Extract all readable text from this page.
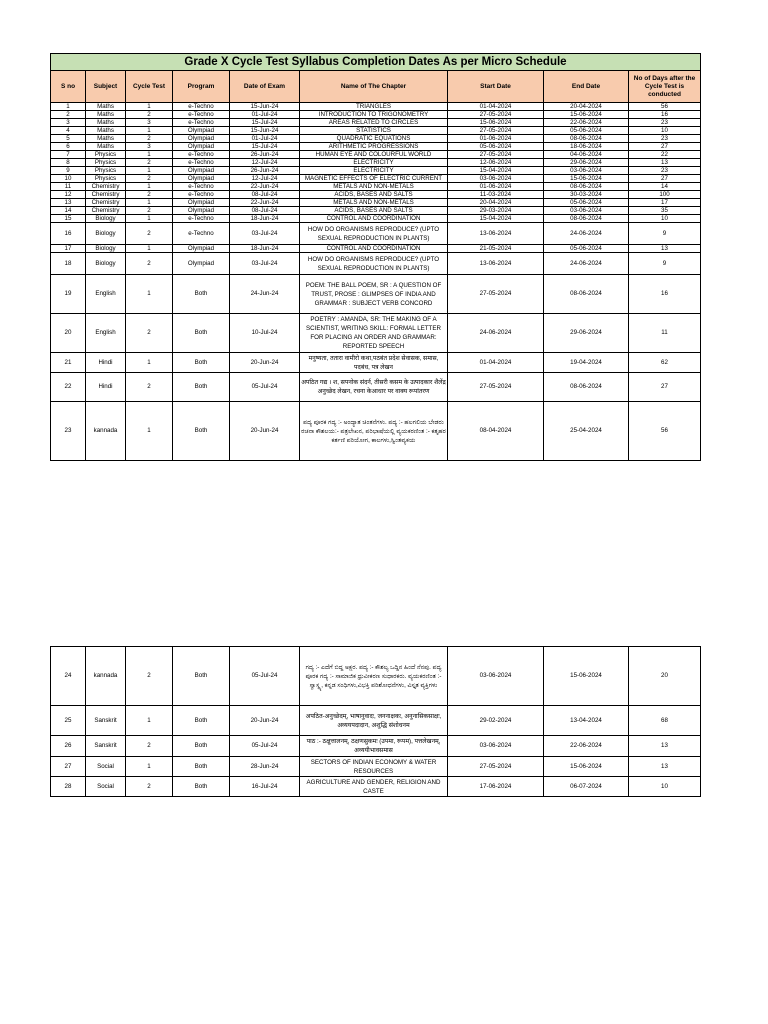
Grade X Cycle Test Syllabus Completion Dates As per Micro Schedule								
S no	Subject	Cycle Test	Program	Date of Exam	Name of The Chapter	Start Date	End Date	No of Days after the Cycle Test is conducted
1	Maths	1	e-Techno	15-Jun-24	TRIANGLES	01-04-2024	20-04-2024	56
2	Maths	2	e-Techno	01-Jul-24	INTRODUCTION TO TRIGONOMETRY	27-05-2024	15-06-2024	16
3	Maths	3	e-Techno	15-Jul-24	AREAS RELATED TO CIRCLES	15-06-2024	22-06-2024	23
4	Maths	1	Olympiad	15-Jun-24	STATISTICS	27-05-2024	05-06-2024	10
5	Maths	2	Olympiad	01-Jul-24	QUADRATIC EQUATIONS	01-06-2024	08-06-2024	23
6	Maths	3	Olympiad	15-Jul-24	ARITHMETIC PROGRESSIONS	05-06-2024	18-06-2024	27
7	Physics	1	e-Techno	26-Jun-24	HUMAN EYE AND COLOURFUL WORLD	27-05-2024	04-06-2024	22
8	Physics	2	e-Techno	12-Jul-24	ELECTRICITY	12-06-2024	29-06-2024	13
9	Physics	1	Olympiad	26-Jun-24	ELECTRICITY	15-04-2024	03-06-2024	23
10	Physics	2	Olympiad	12-Jul-24	MAGNETIC EFFECTS OF ELECTRIC CURRENT	03-06-2024	15-06-2024	27
11	Chemistry	1	e-Techno	22-Jun-24	METALS AND NON-METALS	01-06-2024	08-06-2024	14
12	Chemistry	2	e-Techno	08-Jul-24	ACIDS, BASES AND SALTS	11-03-2024	30-03-2024	100
13	Chemistry	1	Olympiad	22-Jun-24	METALS AND NON-METALS	20-04-2024	05-06-2024	17
14	Chemistry	2	Olympiad	08-Jul-24	ACIDS, BASES AND SALTS	29-03-2024	03-06-2024	35
15	Biology	1	e-Techno	18-Jun-24	CONTROL AND COORDINATION	15-04-2024	08-06-2024	10
16	Biology	2	e-Techno	03-Jul-24	HOW DO ORGANISMS REPRODUCE? (UPTO SEXUAL REPRODUCTION IN PLANTS)	13-06-2024	24-06-2024	9
17	Biology	1	Olympiad	18-Jun-24	CONTROL AND COORDINATION	21-05-2024	05-06-2024	13
18	Biology	2	Olympiad	03-Jul-24	HOW DO ORGANISMS REPRODUCE? (UPTO SEXUAL REPRODUCTION IN PLANTS)	13-06-2024	24-06-2024	9
19	English	1	Both	24-Jun-24	POEM: THE BALL POEM, SR : A QUESTION OF TRUST, PROSE : GLIMPSES OF INDIA AND GRAMMAR : SUBJECT VERB CONCORD	27-05-2024	08-06-2024	16
20	English	2	Both	10-Jul-24	POETRY : AMANDA, SR: THE MAKING OF A SCIENTIST, WRITING SKILL: FORMAL LETTER FOR PLACING AN ORDER AND GRAMMAR: REPORTED SPEECH	24-06-2024	29-06-2024	11
21	Hindi	1	Both	20-Jun-24	मनुष्यता, ततारा वामीरो कथा,पठबंत प्रदेश सेवासक, समास, पदबंध, पत्र लेखन	01-04-2024	19-04-2024	62
22	Hindi	2	Both	05-Jul-24	अपठित गद्य । श, सपनोक संदर्न, तीसरी कसम के उत्पादकार शैलेंद्र अनुच्छेद लेखन, रचना केआधार पर वाक्य रूपांतरण	27-05-2024	08-06-2024	27
23	kannada	1	Both	20-Jun-24	ಪದ್ಯ ಪೂರಕ ಗದ್ಯ :- ಅಂದ್ಯಾತ ಚಿಂತನೆಗಳು. ಪದ್ಯ :- ಹಲಗಲಿಯ ಬೇಡರು ರಚನಾ ಕೌಶಲಯ:- ಪತ್ರಲೇಖನ, ಪರಿಭಾಷೆಯಲ್ಲಿ ವ್ಯಯಕರಣಿಂತ :- ಕತೃಹರ ಕರ್ತಣಿ ಪರಿಯೋಗ, ಕಾಲಗಳು,ಸ್ವಿಂತವ್ಯಕಯ	08-04-2024	25-04-2024	56
24	kannada	2	Both	05-Jul-24	ಗದ್ಯ :- ಎದೆಗೆ ಬಿದ್ದ ಅಕ್ಷರ. ಪದ್ಯ :- ಕೌಶಲ್ಯ ಒದ್ದಿನ ಹಿಂದೆ ನೆನಪು. ಪದ್ಯ ಪೂರಕ ಗದ್ಯ :- ಸಾಮಾಜಿಕ ಧ್ರುವೀಕರಣ ಸುಧಾರಕರು. ವ್ಯಯಕರಣಿಂತ :- ಸ್ವಾಸ್ಥ್ಯ, ಕನ್ನಡ ಸಂಧಿಗಳು,ವಿಭಕ್ತಿ ಪರಿಶೋಧನೆಗಳು, ವಿಸ್ತೃತ ವ್ಯಕ್ತಿಗಳು	03-06-2024	15-06-2024	20
25	Sanskrit	1	Both	20-Jun-24	अपठित-अनुच्छेदम्, भाषानुवादः, जननाक्षकः, अनुनासिकसाक्षः, अव्ययपदादान, अशुद्धि संशोधनम	29-02-2024	13-04-2024	68
26	Sanskrit	2	Both	05-Jul-24	पाठ :- ठक्षुत्तालनम्, ठक्षणसुकमः (उपमा, रूपम), पत्तलेखनम्, अव्ययीभावसमास	03-06-2024	22-06-2024	13
27	Social	1	Both	28-Jun-24	SECTORS OF INDIAN ECONOMY & WATER RESOURCES	27-05-2024	15-06-2024	13
28	Social	2	Both	16-Jul-24	AGRICULTURE AND GENDER, RELIGION AND CASTE	17-06-2024	06-07-2024	10
